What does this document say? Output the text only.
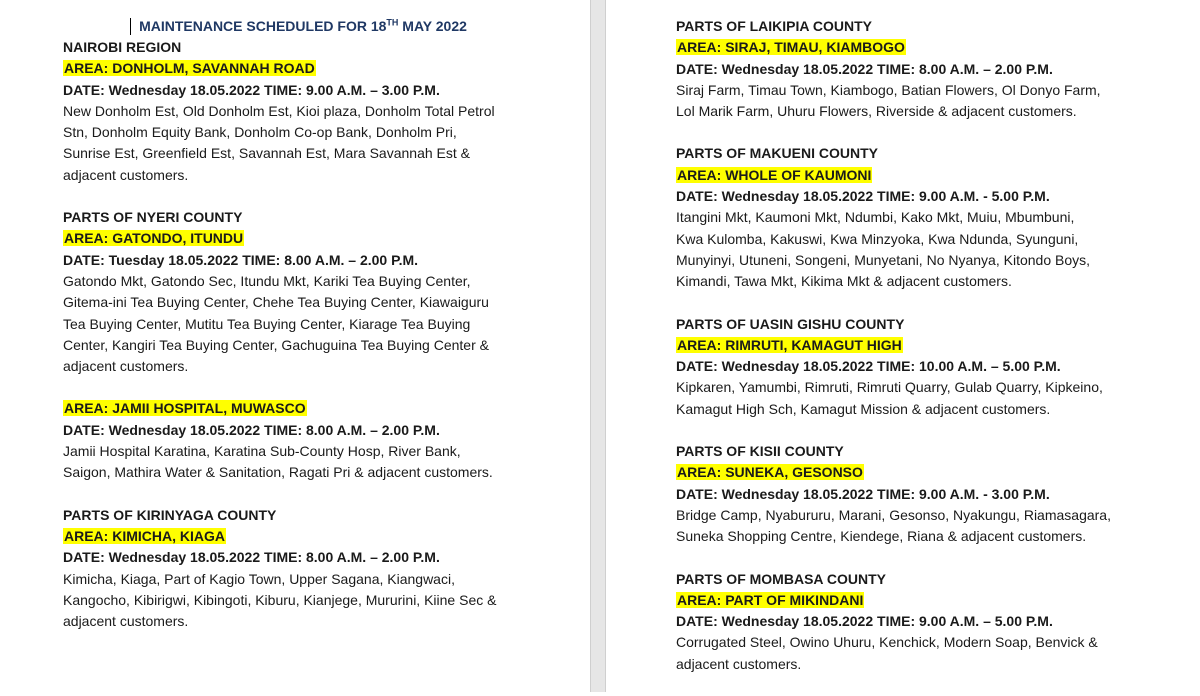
MAINTENANCE SCHEDULED FOR 18TH MAY 2022
NAIROBI REGION
AREA: DONHOLM, SAVANNAH ROAD
DATE: Wednesday 18.05.2022 TIME: 9.00 A.M. – 3.00 P.M.
New Donholm Est, Old Donholm Est, Kioi plaza, Donholm Total Petrol
Stn, Donholm Equity Bank, Donholm Co-op Bank, Donholm Pri,
Sunrise Est, Greenfield Est, Savannah Est, Mara Savannah Est &
adjacent customers.
PARTS OF NYERI COUNTY
AREA: GATONDO, ITUNDU
DATE: Tuesday 18.05.2022 TIME: 8.00 A.M. – 2.00 P.M.
Gatondo Mkt, Gatondo Sec, Itundu Mkt, Kariki Tea Buying Center,
Gitema-ini Tea Buying Center, Chehe Tea Buying Center, Kiawaiguru
Tea Buying Center, Mutitu Tea Buying Center, Kiarage Tea Buying
Center, Kangiri Tea Buying Center, Gachuguina Tea Buying Center &
adjacent customers.
AREA: JAMII HOSPITAL, MUWASCO
DATE: Wednesday 18.05.2022 TIME: 8.00 A.M. – 2.00 P.M.
Jamii Hospital Karatina, Karatina Sub-County Hosp, River Bank,
Saigon, Mathira Water & Sanitation, Ragati Pri & adjacent customers.
PARTS OF KIRINYAGA COUNTY
AREA: KIMICHA, KIAGA
DATE: Wednesday 18.05.2022 TIME: 8.00 A.M. – 2.00 P.M.
Kimicha, Kiaga, Part of Kagio Town, Upper Sagana, Kiangwaci,
Kangocho, Kibirigwi, Kibingoti, Kiburu, Kianjege, Mururini, Kiine Sec &
adjacent customers.
PARTS OF LAIKIPIA COUNTY
AREA: SIRAJ, TIMAU, KIAMBOGO
DATE: Wednesday 18.05.2022 TIME: 8.00 A.M. – 2.00 P.M.
Siraj Farm, Timau Town, Kiambogo, Batian Flowers, Ol Donyo Farm,
Lol Marik Farm, Uhuru Flowers, Riverside & adjacent customers.
PARTS OF MAKUENI COUNTY
AREA: WHOLE OF KAUMONI
DATE: Wednesday 18.05.2022 TIME: 9.00 A.M. - 5.00 P.M.
Itangini Mkt, Kaumoni Mkt, Ndumbi, Kako Mkt, Muiu, Mbumbuni,
Kwa Kulomba, Kakuswi, Kwa Minzyoka, Kwa Ndunda, Syunguni,
Munyinyi, Utuneni, Songeni, Munyetani, No Nyanya, Kitondo Boys,
Kimandi, Tawa Mkt, Kikima Mkt & adjacent customers.
PARTS OF UASIN GISHU COUNTY
AREA: RIMRUTI, KAMAGUT HIGH
DATE: Wednesday 18.05.2022 TIME: 10.00 A.M. – 5.00 P.M.
Kipkaren, Yamumbi, Rimruti, Rimruti Quarry, Gulab Quarry, Kipkeino,
Kamagut High Sch, Kamagut Mission & adjacent customers.
PARTS OF KISII COUNTY
AREA: SUNEKA, GESONSO
DATE: Wednesday 18.05.2022 TIME: 9.00 A.M. - 3.00 P.M.
Bridge Camp, Nyabururu, Marani, Gesonso, Nyakungu, Riamasagara,
Suneka Shopping Centre, Kiendege, Riana & adjacent customers.
PARTS OF MOMBASA COUNTY
AREA: PART OF MIKINDANI
DATE: Wednesday 18.05.2022 TIME: 9.00 A.M. – 5.00 P.M.
Corrugated Steel, Owino Uhuru, Kenchick, Modern Soap, Benvick &
adjacent customers.
